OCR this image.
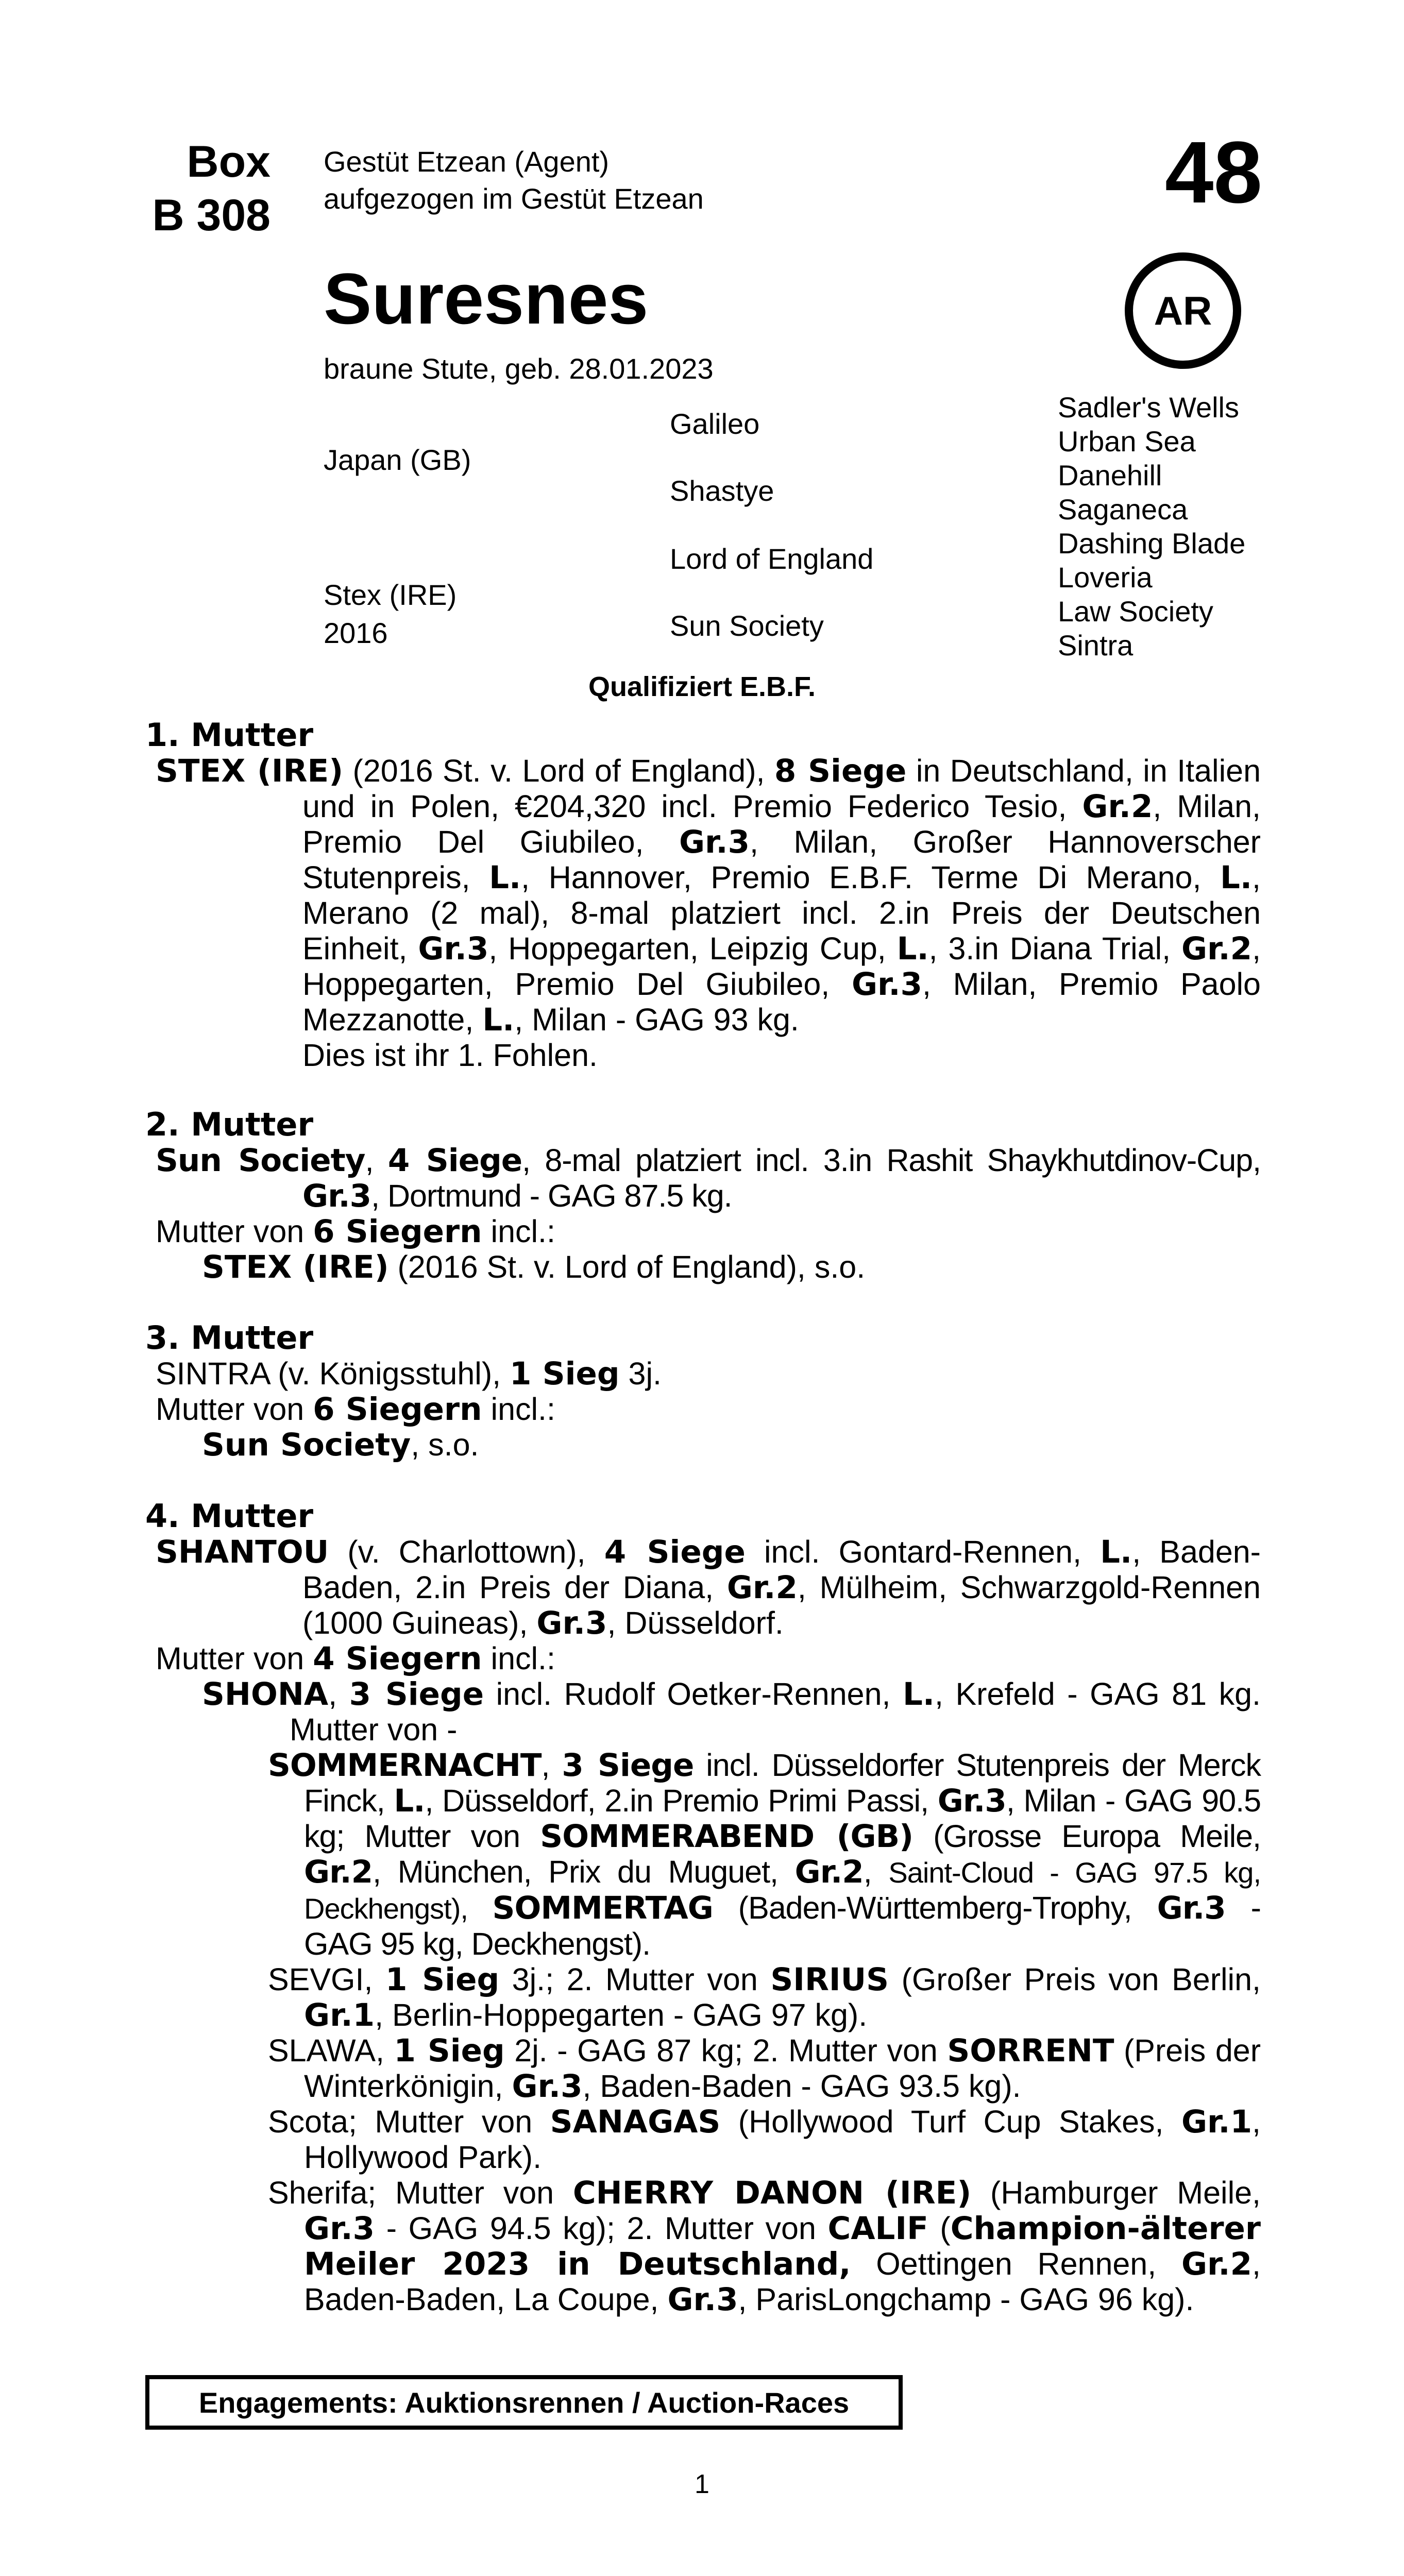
Box
B 308
Gestüt Etzean (Agent)
aufgezogen im Gestüt Etzean	48
Suresnes	AR
braune Stute, geb. 28.01.2023
Japan (GB)
Stex (IRE)
2016
Galileo
Shastye
Lord of England
Sun Society
Sadler's Wells
Urban Sea
Danehill
Saganeca
Dashing Blade
Loveria
Law Society
Sintra
Qualifiziert E.B.F.
1. Mutter
STEX (IRE) (2016 St. v. Lord of England), 8 Siege in Deutschland, in Italien und in Polen, €204,320 incl. Premio Federico Tesio, Gr.2, Milan, Premio Del Giubileo, Gr.3, Milan, Großer Hannoverscher Stutenpreis, L., Hannover, Premio E.B.F. Terme Di Merano, L., Merano (2 mal), 8-mal platziert incl. 2.in Preis der Deutschen Einheit, Gr.3, Hoppegarten, Leipzig Cup, L., 3.in Diana Trial, Gr.2, Hoppegarten, Premio Del Giubileo, Gr.3, Milan, Premio Paolo Mezzanotte, L., Milan - GAG 93 kg.
Dies ist ihr 1. Fohlen.
2. Mutter
Sun Society, 4 Siege, 8-mal platziert incl. 3.in Rashit Shaykhutdinov-Cup, Gr.3, Dortmund - GAG 87.5 kg.
Mutter von 6 Siegern incl.:
STEX (IRE) (2016 St. v. Lord of England), s.o.
3. Mutter
SINTRA (v. Königsstuhl), 1 Sieg 3j.
Mutter von 6 Siegern incl.:
Sun Society, s.o.
4. Mutter
SHANTOU (v. Charlottown), 4 Siege incl. Gontard-Rennen, L., Baden-Baden, 2.in Preis der Diana, Gr.2, Mülheim, Schwarzgold-Rennen (1000 Guineas), Gr.3, Düsseldorf.
Mutter von 4 Siegern incl.:
SHONA, 3 Siege incl. Rudolf Oetker-Rennen, L., Krefeld - GAG 81 kg. Mutter von -
SOMMERNACHT, 3 Siege incl. Düsseldorfer Stutenpreis der Merck Finck, L., Düsseldorf, 2.in Premio Primi Passi, Gr.3, Milan - GAG 90.5 kg; Mutter von SOMMERABEND (GB) (Grosse Europa Meile, Gr.2, München, Prix du Muguet, Gr.2, Saint-Cloud - GAG 97.5 kg, Deckhengst), SOMMERTAG (Baden-Württemberg-Trophy, Gr.3 - GAG 95 kg, Deckhengst).
SEVGI, 1 Sieg 3j.; 2. Mutter von SIRIUS (Großer Preis von Berlin, Gr.1, Berlin-Hoppegarten - GAG 97 kg).
SLAWA, 1 Sieg 2j. - GAG 87 kg; 2. Mutter von SORRENT (Preis der Winterkönigin, Gr.3, Baden-Baden - GAG 93.5 kg).
Scota; Mutter von SANAGAS (Hollywood Turf Cup Stakes, Gr.1, Hollywood Park).
Sherifa; Mutter von CHERRY DANON (IRE) (Hamburger Meile, Gr.3 - GAG 94.5 kg); 2. Mutter von CALIF (Champion-älterer Meiler 2023 in Deutschland, Oettingen Rennen, Gr.2, Baden-Baden, La Coupe, Gr.3, ParisLongchamp - GAG 96 kg).
Engagements: Auktionsrennen / Auction-Races
1
